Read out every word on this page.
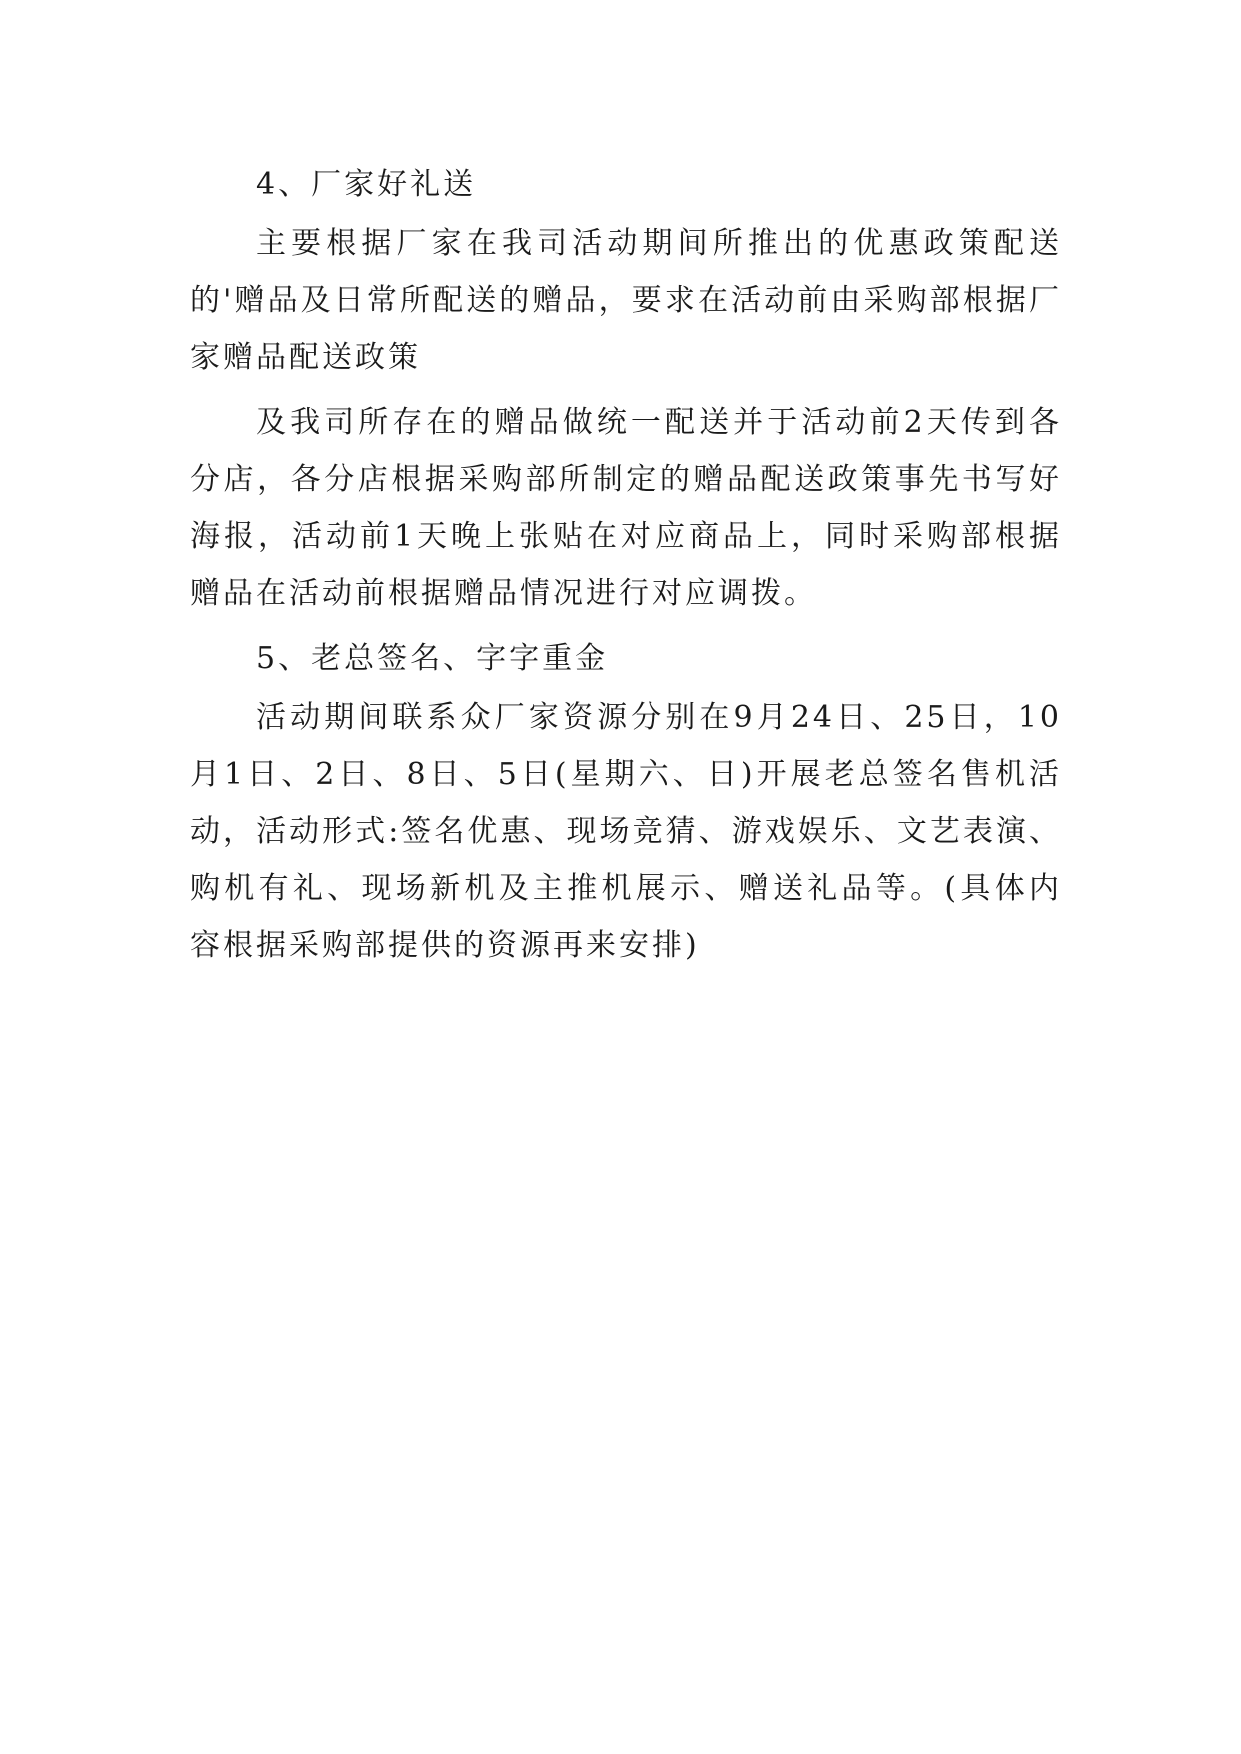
4、厂家好礼送

主要根据厂家在我司活动期间所推出的优惠政策配送的'赠品及日常所配送的赠品，要求在活动前由采购部根据厂家赠品配送政策

及我司所存在的赠品做统一配送并于活动前2天传到各分店，各分店根据采购部所制定的赠品配送政策事先书写好海报，活动前1天晚上张贴在对应商品上，同时采购部根据赠品在活动前根据赠品情况进行对应调拨。

5、老总签名、字字重金

活动期间联系众厂家资源分别在9月24日、25日，10月1日、2日、8日、5日(星期六、日)开展老总签名售机活动，活动形式:签名优惠、现场竞猜、游戏娱乐、文艺表演、购机有礼、现场新机及主推机展示、赠送礼品等。(具体内容根据采购部提供的资源再来安排)
